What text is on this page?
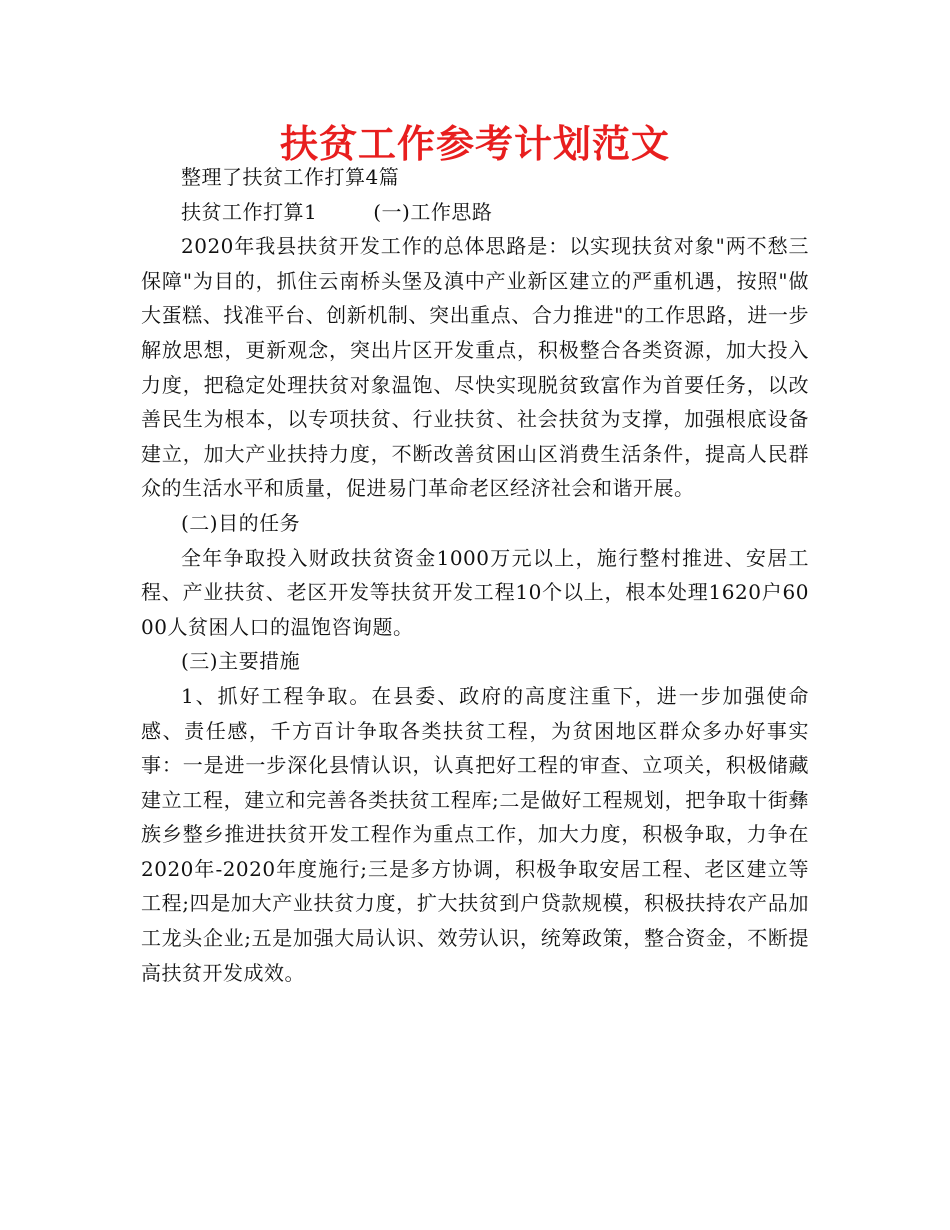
扶贫工作参考计划范文

整理了扶贫工作打算4篇

扶贫工作打算1	(一)工作思路

2020年我县扶贫开发工作的总体思路是：以实现扶贫对象"两不愁三保障"为目的，抓住云南桥头堡及滇中产业新区建立的严重机遇，按照"做大蛋糕、找准平台、创新机制、突出重点、合力推进"的工作思路，进一步解放思想，更新观念，突出片区开发重点，积极整合各类资源，加大投入力度，把稳定处理扶贫对象温饱、尽快实现脱贫致富作为首要任务，以改善民生为根本，以专项扶贫、行业扶贫、社会扶贫为支撑，加强根底设备建立，加大产业扶持力度，不断改善贫困山区消费生活条件，提高人民群众的生活水平和质量，促进易门革命老区经济社会和谐开展。

(二)目的任务

全年争取投入财政扶贫资金1000万元以上，施行整村推进、安居工程、产业扶贫、老区开发等扶贫开发工程10个以上，根本处理1620户6000人贫困人口的温饱咨询题。

(三)主要措施

1、抓好工程争取。在县委、政府的高度注重下，进一步加强使命感、责任感，千方百计争取各类扶贫工程，为贫困地区群众多办好事实事：一是进一步深化县情认识，认真把好工程的审查、立项关，积极储藏建立工程，建立和完善各类扶贫工程库;二是做好工程规划，把争取十街彝族乡整乡推进扶贫开发工程作为重点工作，加大力度，积极争取，力争在2020年-2020年度施行;三是多方协调，积极争取安居工程、老区建立等工程;四是加大产业扶贫力度，扩大扶贫到户贷款规模，积极扶持农产品加工龙头企业;五是加强大局认识、效劳认识，统筹政策，整合资金，不断提高扶贫开发成效。
